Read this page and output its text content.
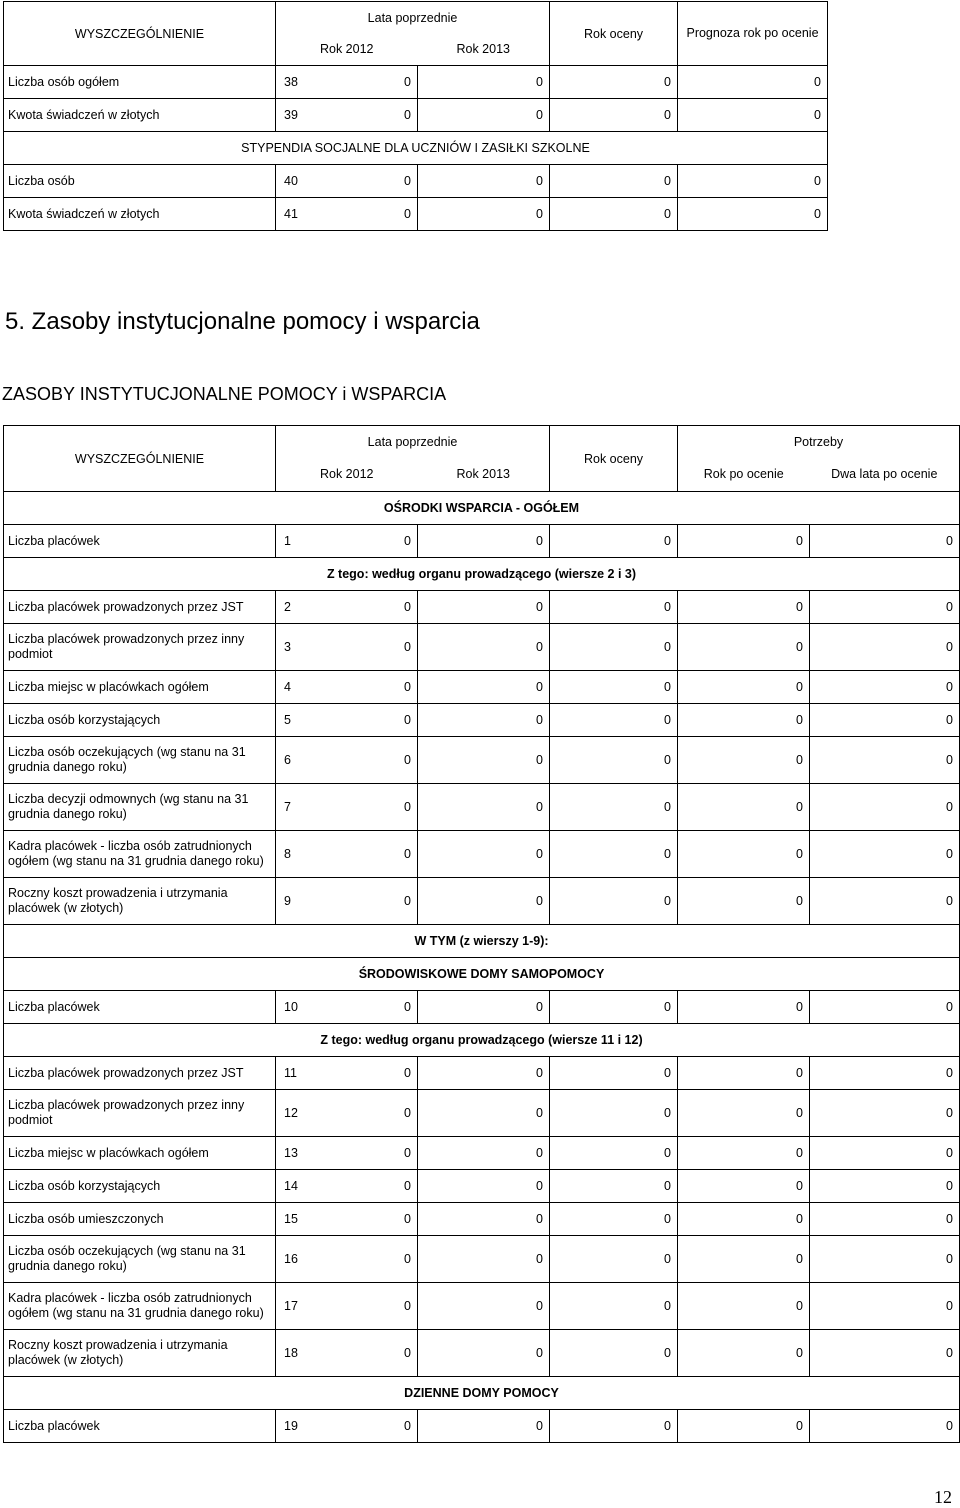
WYSZCZEGÓLNIENIE	Lata poprzednie		Rok oceny	Prognoza rok po ocenie
	Rok 2012	Rok 2013		
Liczba osób ogółem	38 0	0	0	0
Kwota świadczeń w złotych	39 0	0	0	0
STYPENDIA SOCJALNE DLA UCZNIÓW I ZASIŁKI SZKOLNE				
Liczba osób	40 0	0	0	0
Kwota świadczeń w złotych	41 0	0	0	0
5. Zasoby instytucjonalne pomocy i wsparcia
ZASOBY INSTYTUCJONALNE POMOCY i WSPARCIA
WYSZCZEGÓLNIENIE	Lata poprzednie		Rok oceny	Potrzeby	
	Rok 2012	Rok 2013		Rok po ocenie	Dwa lata po ocenie
OŚRODKI WSPARCIA - OGÓŁEM					
Liczba placówek	1 0	0	0	0	0
Z tego: według organu prowadzącego (wiersze 2 i 3)					
Liczba placówek prowadzonych przez JST	2 0	0	0	0	0
Liczba placówek prowadzonych przez inny podmiot	3 0	0	0	0	0
Liczba miejsc w placówkach ogółem	4 0	0	0	0	0
Liczba osób korzystających	5 0	0	0	0	0
Liczba osób oczekujących (wg stanu na 31 grudnia danego roku)	6 0	0	0	0	0
Liczba decyzji odmownych (wg stanu na 31 grudnia danego roku)	7 0	0	0	0	0
Kadra placówek - liczba osób zatrudnionych ogółem (wg stanu na 31 grudnia danego roku)	8 0	0	0	0	0
Roczny koszt prowadzenia i utrzymania placówek (w złotych)	9 0	0	0	0	0
W TYM (z wierszy 1-9):					
ŚRODOWISKOWE DOMY SAMOPOMOCY					
Liczba placówek	10 0	0	0	0	0
Z tego: według organu prowadzącego (wiersze 11 i 12)					
Liczba placówek prowadzonych przez JST	11 0	0	0	0	0
Liczba placówek prowadzonych przez inny podmiot	12 0	0	0	0	0
Liczba miejsc w placówkach ogółem	13 0	0	0	0	0
Liczba osób korzystających	14 0	0	0	0	0
Liczba osób umieszczonych	15 0	0	0	0	0
Liczba osób oczekujących (wg stanu na 31 grudnia danego roku)	16 0	0	0	0	0
Kadra placówek - liczba osób zatrudnionych ogółem (wg stanu na 31 grudnia danego roku)	17 0	0	0	0	0
Roczny koszt prowadzenia i utrzymania placówek (w złotych)	18 0	0	0	0	0
DZIENNE DOMY POMOCY					
Liczba placówek	19 0	0	0	0	0
12
